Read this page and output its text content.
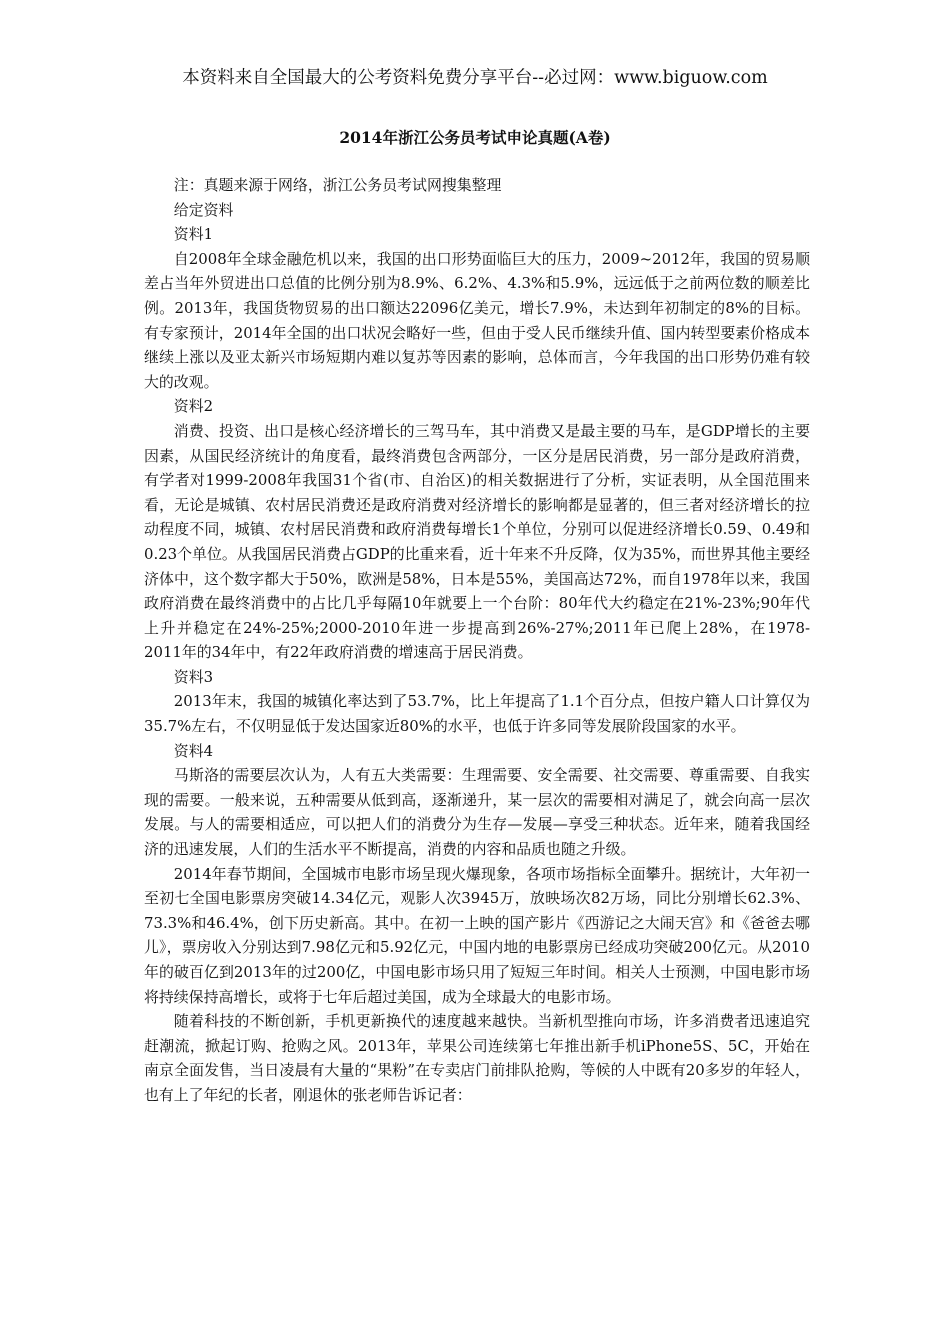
本资料来自全国最大的公考资料免费分享平台--必过网：www.biguow.com
2014年浙江公务员考试申论真题(A卷)

注：真题来源于网络，浙江公务员考试网搜集整理

给定资料

资料1

自2008年全球金融危机以来，我国的出口形势面临巨大的压力，2009~2012年，我国的贸易顺差占当年外贸进出口总值的比例分别为8.9%、6.2%、4.3%和5.9%，远远低于之前两位数的顺差比例。2013年，我国货物贸易的出口额达22096亿美元，增长7.9%，未达到年初制定的8%的目标。有专家预计，2014年全国的出口状况会略好一些，但由于受人民币继续升值、国内转型要素价格成本继续上涨以及亚太新兴市场短期内难以复苏等因素的影响，总体而言，今年我国的出口形势仍难有较大的改观。

资料2

消费、投资、出口是核心经济增长的三驾马车，其中消费又是最主要的马车，是GDP增长的主要因素，从国民经济统计的角度看，最终消费包含两部分，一区分是居民消费，另一部分是政府消费，有学者对1999-2008年我国31个省(市、自治区)的相关数据进行了分析，实证表明，从全国范围来看，无论是城镇、农村居民消费还是政府消费对经济增长的影响都是显著的，但三者对经济增长的拉动程度不同，城镇、农村居民消费和政府消费每增长1个单位，分别可以促进经济增长0.59、0.49和0.23个单位。从我国居民消费占GDP的比重来看，近十年来不升反降，仅为35%，而世界其他主要经济体中，这个数字都大于50%，欧洲是58%，日本是55%，美国高达72%，而自1978年以来，我国政府消费在最终消费中的占比几乎每隔10年就要上一个台阶：80年代大约稳定在21%-23%;90年代上升并稳定在24%-25%;2000-2010年进一步提高到26%-27%;2011年已爬上28%，在1978-2011年的34年中，有22年政府消费的增速高于居民消费。

资料3

2013年末，我国的城镇化率达到了53.7%，比上年提高了1.1个百分点，但按户籍人口计算仅为35.7%左右，不仅明显低于发达国家近80%的水平，也低于许多同等发展阶段国家的水平。

资料4

马斯洛的需要层次认为，人有五大类需要：生理需要、安全需要、社交需要、尊重需要、自我实现的需要。一般来说，五种需要从低到高，逐渐递升，某一层次的需要相对满足了，就会向高一层次发展。与人的需要相适应，可以把人们的消费分为生存—发展—享受三种状态。近年来，随着我国经济的迅速发展，人们的生活水平不断提高，消费的内容和品质也随之升级。

2014年春节期间，全国城市电影市场呈现火爆现象，各项市场指标全面攀升。据统计，大年初一至初七全国电影票房突破14.34亿元，观影人次3945万，放映场次82万场，同比分别增长62.3%、73.3%和46.4%，创下历史新高。其中。在初一上映的国产影片《西游记之大闹天宫》和《爸爸去哪儿》，票房收入分别达到7.98亿元和5.92亿元，中国内地的电影票房已经成功突破200亿元。从2010年的破百亿到2013年的过200亿，中国电影市场只用了短短三年时间。相关人士预测，中国电影市场将持续保持高增长，或将于七年后超过美国，成为全球最大的电影市场。

随着科技的不断创新，手机更新换代的速度越来越快。当新机型推向市场，许多消费者迅速追究赶潮流，掀起订购、抢购之风。2013年，苹果公司连续第七年推出新手机iPhone5S、5C，开始在南京全面发售，当日凌晨有大量的“果粉”在专卖店门前排队抢购，等候的人中既有20多岁的年轻人，也有上了年纪的长者，刚退休的张老师告诉记者：
